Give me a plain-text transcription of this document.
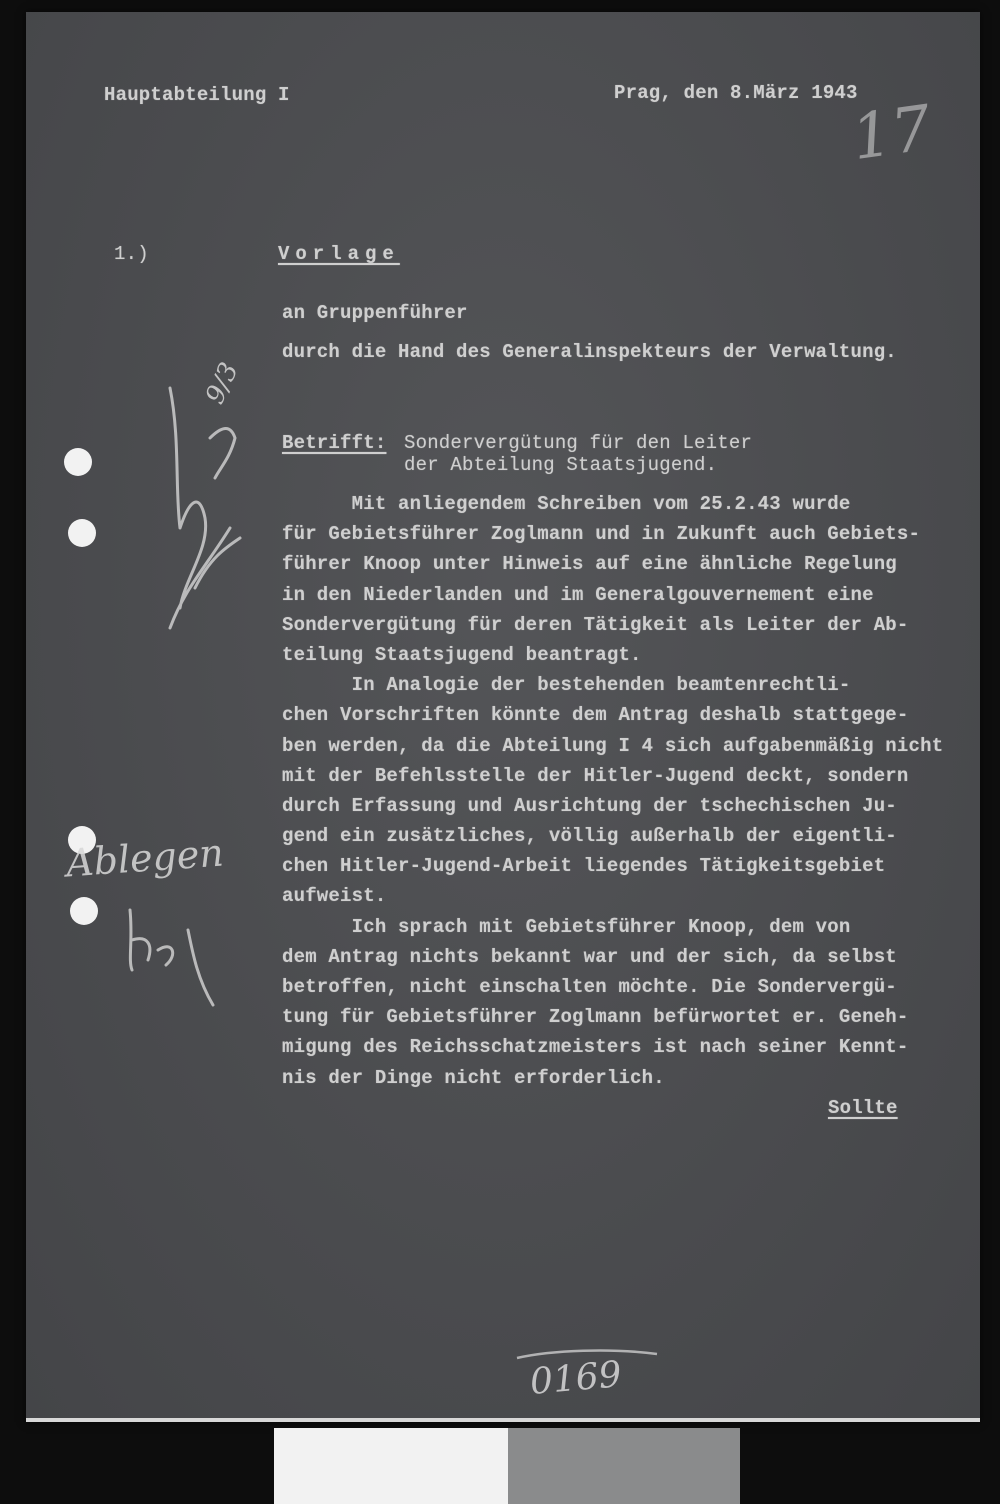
Hauptabteilung I	Prag, den 8.März 1943
17
1.)	Vorlage
an Gruppenführer
durch die Hand des Generalinspekteurs der Verwaltung.
Betrifft: Sondervergütung für den Leiter
der Abteilung Staatsjugend.
Mit anliegendem Schreiben vom 25.2.43 wurde
für Gebietsführer Zoglmann und in Zukunft auch Gebiets-
führer Knoop unter Hinweis auf eine ähnliche Regelung
in den Niederlanden und im Generalgouvernement eine
Sondervergütung für deren Tätigkeit als Leiter der Ab-
teilung Staatsjugend beantragt.
In Analogie der bestehenden beamtenrechtli-
chen Vorschriften könnte dem Antrag deshalb stattgege-
ben werden, da die Abteilung I 4 sich aufgabenmäßig nicht
mit der Befehlsstelle der Hitler-Jugend deckt, sondern
durch Erfassung und Ausrichtung der tschechischen Ju-
gend ein zusätzliches, völlig außerhalb der eigentli-
chen Hitler-Jugend-Arbeit liegendes Tätigkeitsgebiet
aufweist.
Ich sprach mit Gebietsführer Knoop, dem von
dem Antrag nichts bekannt war und der sich, da selbst
betroffen, nicht einschalten möchte. Die Sondervergü-
tung für Gebietsführer Zoglmann befürwortet er. Geneh-
migung des Reichsschatzmeisters ist nach seiner Kennt-
nis der Dinge nicht erforderlich.
Sollte
9/3
Ablegen
0169
